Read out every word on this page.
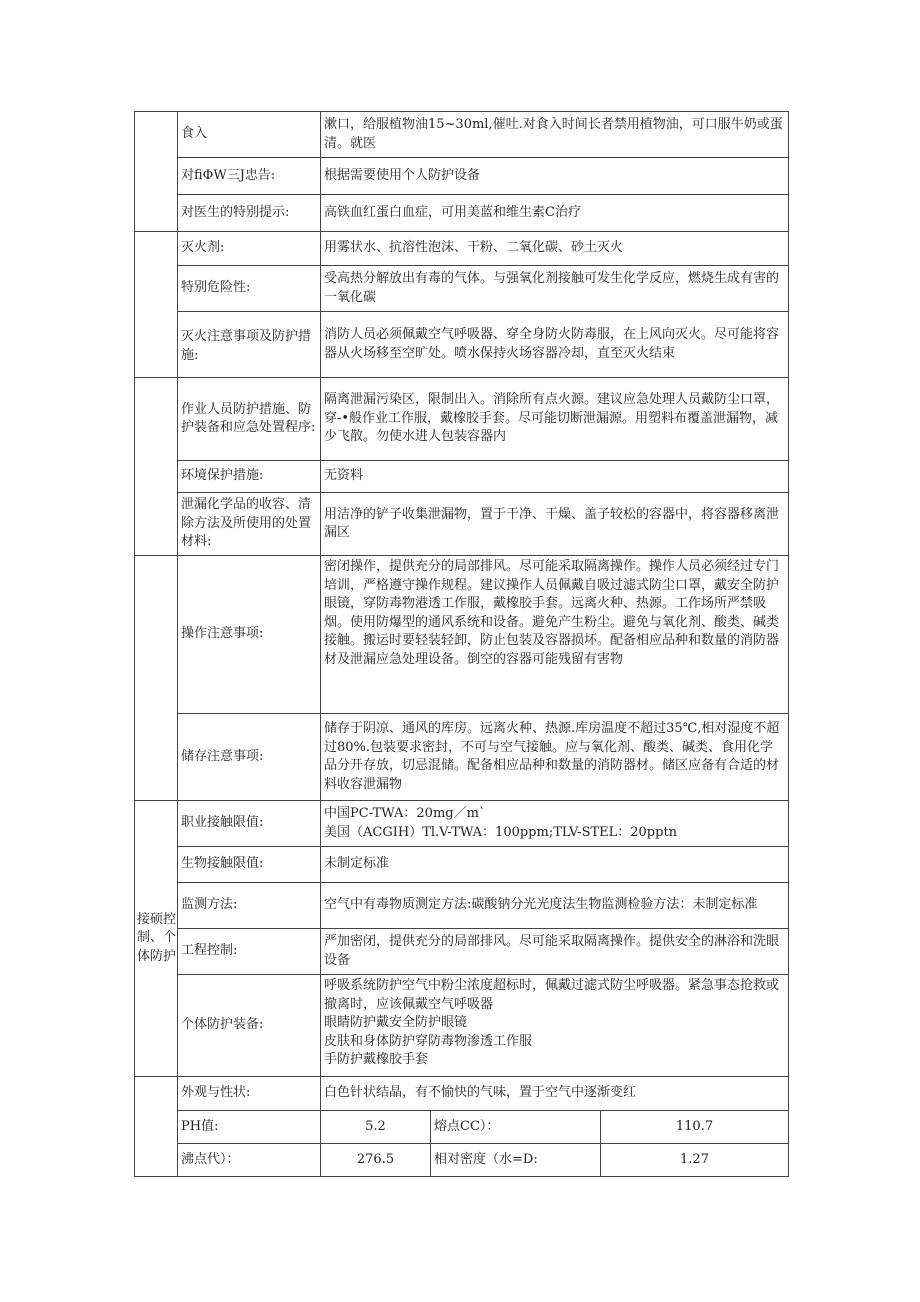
	食入	漱口，给服植物油15~30ml,催吐.对食入时间长者禁用植物油，可口服牛奶或蛋清。就医		
	对fiΦW三J忠告:	根据需要使用个人防护设备		
	对医生的特别提示:	高铁血红蛋白血症，可用美蓝和维生素C治疗		
	灭火剂:	用雾状水、抗溶性泡沫、干粉、二氧化碳、砂土灭火		
	特别危险性:	受高热分解放出有毒的气体。与强氧化剂接触可发生化学反应，燃烧生成有害的一氧化碳		
	灭火注意事项及防护措施:	消防人员必须佩戴空气呼吸器、穿全身防火防毒服，在上风向灭火。尽可能将容器从火场移至空旷处。喷水保持火场容器冷却，直至灭火结束		
	作业人员防护措施、防护装备和应急处置程序:	隔离泄漏污染区，限制出入。消除所有点火源。建议应急处理人员戴防尘口罩，穿-•般作业工作服，戴橡胶手套。尽可能切断泄漏源。用塑料布覆盖泄漏物，减少飞散。勿使水进人包装容器内		
	环境保护措施:	无资料		
	泄漏化学品的收容、清除方法及所使用的处置材料:	用洁净的铲子收集泄漏物，置于干净、干燥、盖子较松的容器中，将容器移离泄漏区		
	操作注意事项:	密闭操作，提供充分的局部排风。尽可能采取隔离操作。操作人员必须经过专门培训，严格遵守操作规程。建议操作人员佩戴自吸过滤式防尘口罩，戴安全防护眼镜，穿防毒物港透工作服，戴橡胶手套。远离火种、热源。工作场所严禁吸烟。使用防爆型的通风系统和设备。避免产生粉尘。避免与氧化剂、酸类、碱类接触。搬运时要轻装轻卸，防止包装及容器损坏。配备相应品种和数量的消防器材及泄漏应急处理设备。倒空的容器可能残留有害物		
	储存注意事项:	储存于阴凉、通风的库房。远离火种、热源.库房温度不超过35℃,相对湿度不超过80%.包装要求密封，不可与空气接触。应与氧化剂、酸类、碱类、食用化学品分开存放，切忌混储。配备相应品种和数量的消防器材。储区应备有合适的材料收容泄漏物		

接硕控制、个体防护	职业接触限值:	中国PC-TWA：20mg／m`
美国（ACGIH）Tl.V-TWA：100ppm;TLV-STEL：20pptn		

	生物接触限值:	未制定标准		
	监测方法:	空气中有毒物质测定方法:碳酸钠分光光度法生物监测检验方法：未制定标准		
	工程控制:	严加密闭，提供充分的局部排风。尽可能采取隔离操作。提供安全的淋浴和洗眼设备		
	个体防护装备:	呼吸系统防护空气中粉尘浓度超标时，佩戴过滤式防尘呼吸器。紧急事态抢救或撤离时，应该佩戴空气呼吸器
眼睛防护戴安全防护眼镜
皮肤和身体防护穿防毒物渗透工作服
手防护戴橡胶手套		

	外观与性状:	白色针状结晶，有不愉快的气味，置于空气中逐渐变红		
	PH值:	5.2	熔点CC）：	110.7
	沸点代）：	276.5	相对密度（水=D:	1.27
